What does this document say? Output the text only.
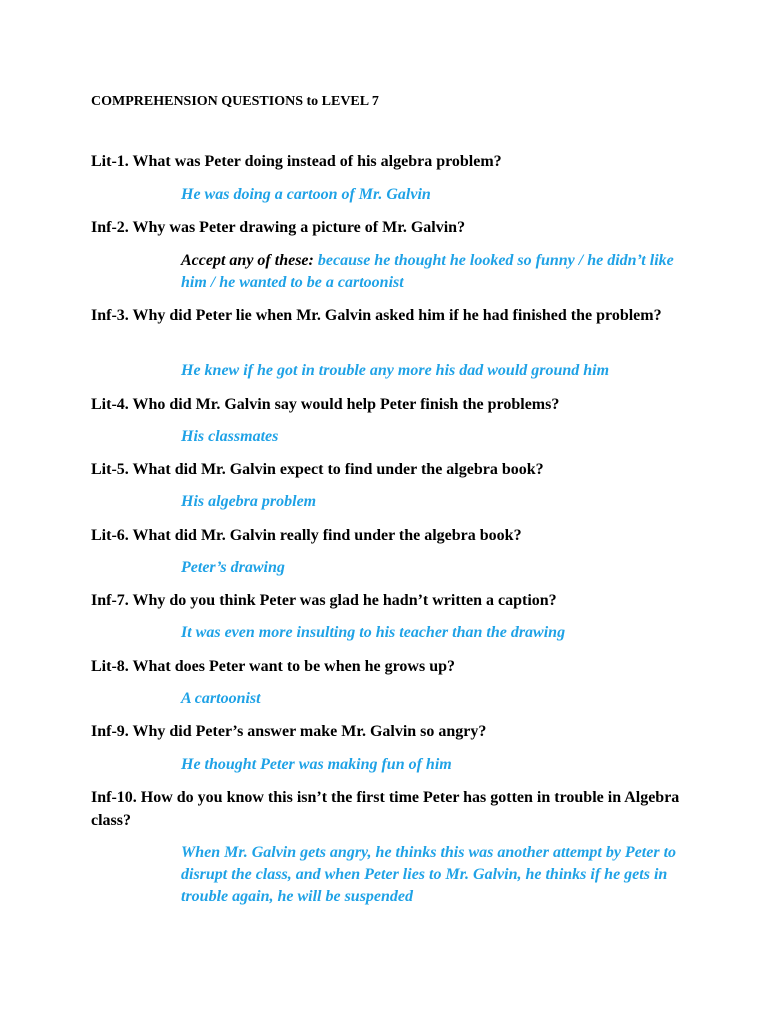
COMPREHENSION QUESTIONS to LEVEL 7
Lit-1. What was Peter doing instead of his algebra problem?
He was doing a cartoon of Mr. Galvin
Inf-2. Why was Peter drawing a picture of Mr. Galvin?
Accept any of these: because he thought he looked so funny / he didn’t like him / he wanted to be a cartoonist
Inf-3. Why did Peter lie when Mr. Galvin asked him if he had finished the problem?
He knew if he got in trouble any more his dad would ground him
Lit-4. Who did Mr. Galvin say would help Peter finish the problems?
His classmates
Lit-5. What did Mr. Galvin expect to find under the algebra book?
His algebra problem
Lit-6. What did Mr. Galvin really find under the algebra book?
Peter’s drawing
Inf-7. Why do you think Peter was glad he hadn’t written a caption?
It was even more insulting to his teacher than the drawing
Lit-8. What does Peter want to be when he grows up?
A cartoonist
Inf-9. Why did Peter’s answer make Mr. Galvin so angry?
He thought Peter was making fun of him
Inf-10. How do you know this isn’t the first time Peter has gotten in trouble in Algebra class?
When Mr. Galvin gets angry, he thinks this was another attempt by Peter to disrupt the class, and when Peter lies to Mr. Galvin, he thinks if he gets in trouble again, he will be suspended
